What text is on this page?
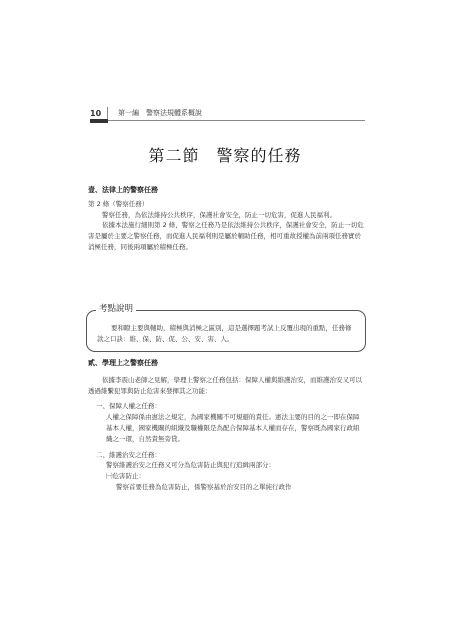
10	第一編　警察法規體系概說
第二節　警察的任務

壹、法律上的警察任務

第 2 條（警察任務）

警察任務，為依法維持公共秩序，保護社會安全，防止一切危害，促進人民福利。

依據本法施行細則第 2 條，警察之任務乃是依法維持公共秩序，保護社會安全，防止一切危害是屬於主要之警察任務，而促進人民福利則是屬於輔助任務，相可重故授權為前兩項任務實於消極任務，同後兩項屬於積極任務。

要和瞭主要與輔助，積極與消極之區別，這是選擇題考試上反覆出現的重點，任務條款之口訣：維、保、防、促、公、安、害、人。

考點說明

貳、學理上之警察任務

依據李震山老師之見解，學理上警察之任務包括：保障人權與維護治安，而維護治安又可以透過維繫犯罪與防止危害來發揮其之功能：

一、保障人權之任務：

人權之保障係由憲法之規定，為國家機關不可規避的責任。憲法主要的目的之一即在保障基本人權，國家機關的組織及職權限是為配合保障基本人權而存在，警察既為國家行政組織之一環，自然責無旁貸。

二、維護治安之任務：

警察維護治安之任務又可分為危害防止與犯行追緝兩部分：

㈠危害防止：

警察首要任務為危害防止，係警察基於治安目的之單純行政作
